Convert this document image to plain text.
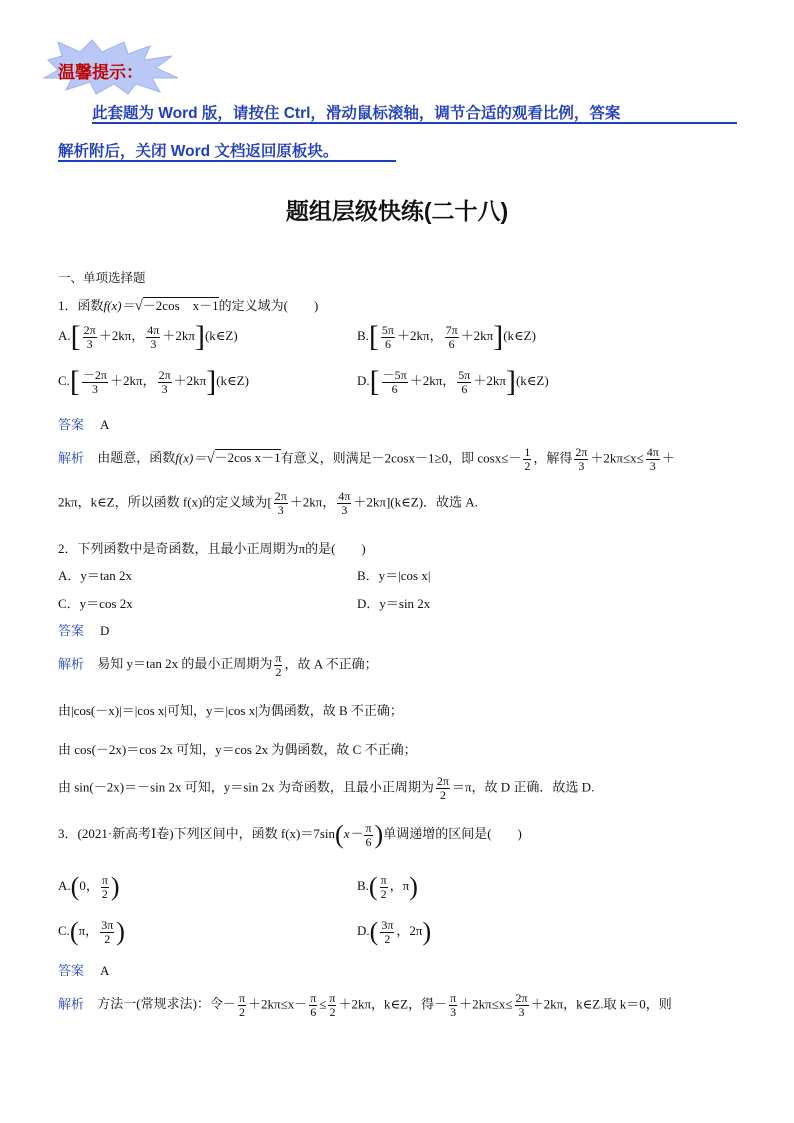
温馨提示：
此套题为 Word 版，请按住 Ctrl，滑动鼠标滚轴，调节合适的观看比例，答案
解析附后，关闭 Word 文档返回原板块。
题组层级快练(二十八)
一、单项选择题
1．函数f(x)＝√－2cos　x－1的定义域为(　　)
$A.[ \frac{2\pi}{3} +2k\pi$， $\frac{4\pi}{3}$ ＋2kπ](k∈Z)	$B.[ \frac{5\pi}{6} +2k\pi$， $\frac{7\pi}{6}$ ＋2kπ](k∈Z)
$C.[ \frac{-2\pi}{3} +2k\pi$， $\frac{2\pi}{3}$ ＋2kπ](k∈Z)	$D.[ \frac{-5\pi}{6} +2k\pi$， $\frac{5\pi}{6}$ ＋2kπ](k∈Z)
答案 A
解析 由题意，函数f(x)＝√－2cos x－1有意义，则满足－2cosx－1≥0，即 $\cos x\le- \frac{1}{2}$ ，解得 $\frac{2\pi}{3} +2k\pi\le x\le \frac{4\pi}{3}$ ＋
2kπ，k∈Z，所以函数 f(x)的定义域为[ $\frac{2\pi}{3} +2k\pi$， $\frac{4\pi}{3}$ ＋2kπ](k∈Z)．故选 A.
2．下列函数中是奇函数，且最小正周期为π的是(　　)
A．y＝tan 2x	B．y＝|cos x|
C．y＝cos 2x	D．y＝sin 2x
答案 D
解析 易知 y＝tan 2x 的最小正周期为 $\frac{\pi}{2}$ ，故 A 不正确；
由|cos(－x)|＝|cos x|可知，y＝|cos x|为偶函数，故 B 不正确；
由 cos(－2x)＝cos 2x 可知，y＝cos 2x 为偶函数，故 C 不正确；
由 sin(－2x)＝－sin 2x 可知，y＝sin 2x 为奇函数，且最小正周期为 $\frac{2\pi}{2} =\pi$，故 D 正确．故选 D.
3．(2021·新高考Ⅰ卷)下列区间中，函数 $f(x)=7\sin(x- \frac{\pi}{6}$ )单调递增的区间是(　　)
A.(0， $\frac{\pi}{2}$ )	$B.( \frac{\pi}{2}$ ，π)
C.(π， $\frac{3\pi}{2}$ )	$D.( \frac{3\pi}{2}$ ，2π)
答案 A
解析 方法一(常规求法)：令－ $\frac{\pi}{2} +2k\pi\le x- \frac{\pi}{6} \le \frac{\pi}{2} +2k\pi$，k∈Z，得－ $\frac{\pi}{3} +2k\pi\le x\le \frac{2\pi}{3} +2k\pi$，k∈Z.取 k＝0，则
